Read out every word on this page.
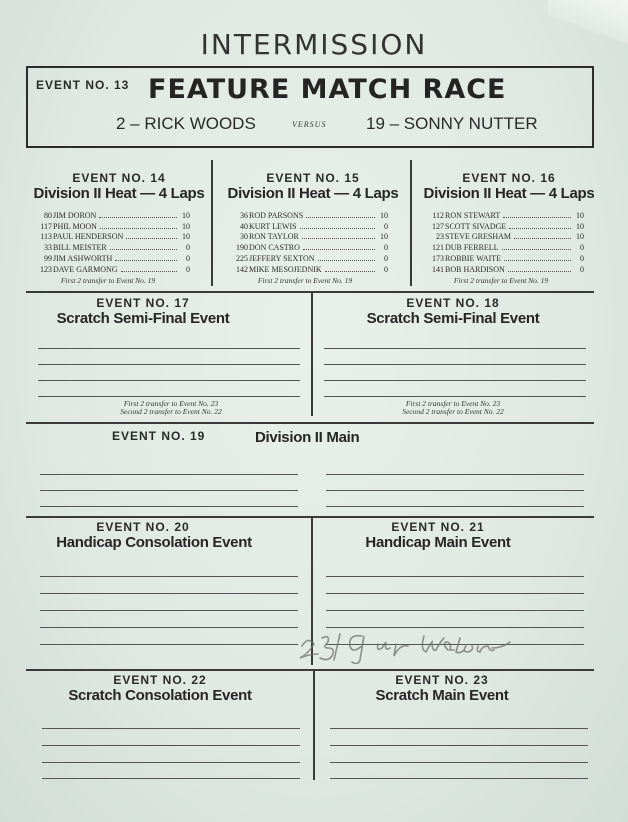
INTERMISSION
EVENT NO. 13 FEATURE MATCH RACE
2 – RICK WOODS	VERSUS 19 – SONNY NUTTER
EVENT NO. 14
Division II Heat — 4 Laps
80 JIM DORON	10
117 PHIL MOON	10
113 PAUL HENDERSON	10
33 BILL MEISTER	0
99 JIM ASHWORTH	0
123 DAVE GARMONG	0
First 2 transfer to Event No. 19
EVENT NO. 15
Division II Heat — 4 Laps
36 ROD PARSONS	10
40 KURT LEWIS	0
30 RON TAYLOR	10
190 DON CASTRO	0
225 JEFFERY SEXTON	0
142 MIKE MESOJEDNIK	0
First 2 transfer to Event No. 19
EVENT NO. 16
Division II Heat — 4 Laps
112 RON STEWART	10
127 SCOTT SIVADGE	10
23 STEVE GRESHAM	10
121 DUB FERRELL	0
173 ROBBIE WAITE	0
141 BOB HARDISON	0
First 2 transfer to Event No. 19
EVENT NO. 17
Scratch Semi-Final Event
First 2 transfer to Event No. 23
Second 2 transfer to Event No. 22
EVENT NO. 18
Scratch Semi-Final Event
First 2 transfer to Event No. 23
Second 2 transfer to Event No. 22
EVENT NO. 19	Division II Main
EVENT NO. 20
Handicap Consolation Event
EVENT NO. 21
Handicap Main Event
EVENT NO. 22
Scratch Consolation Event
EVENT NO. 23
Scratch Main Event
